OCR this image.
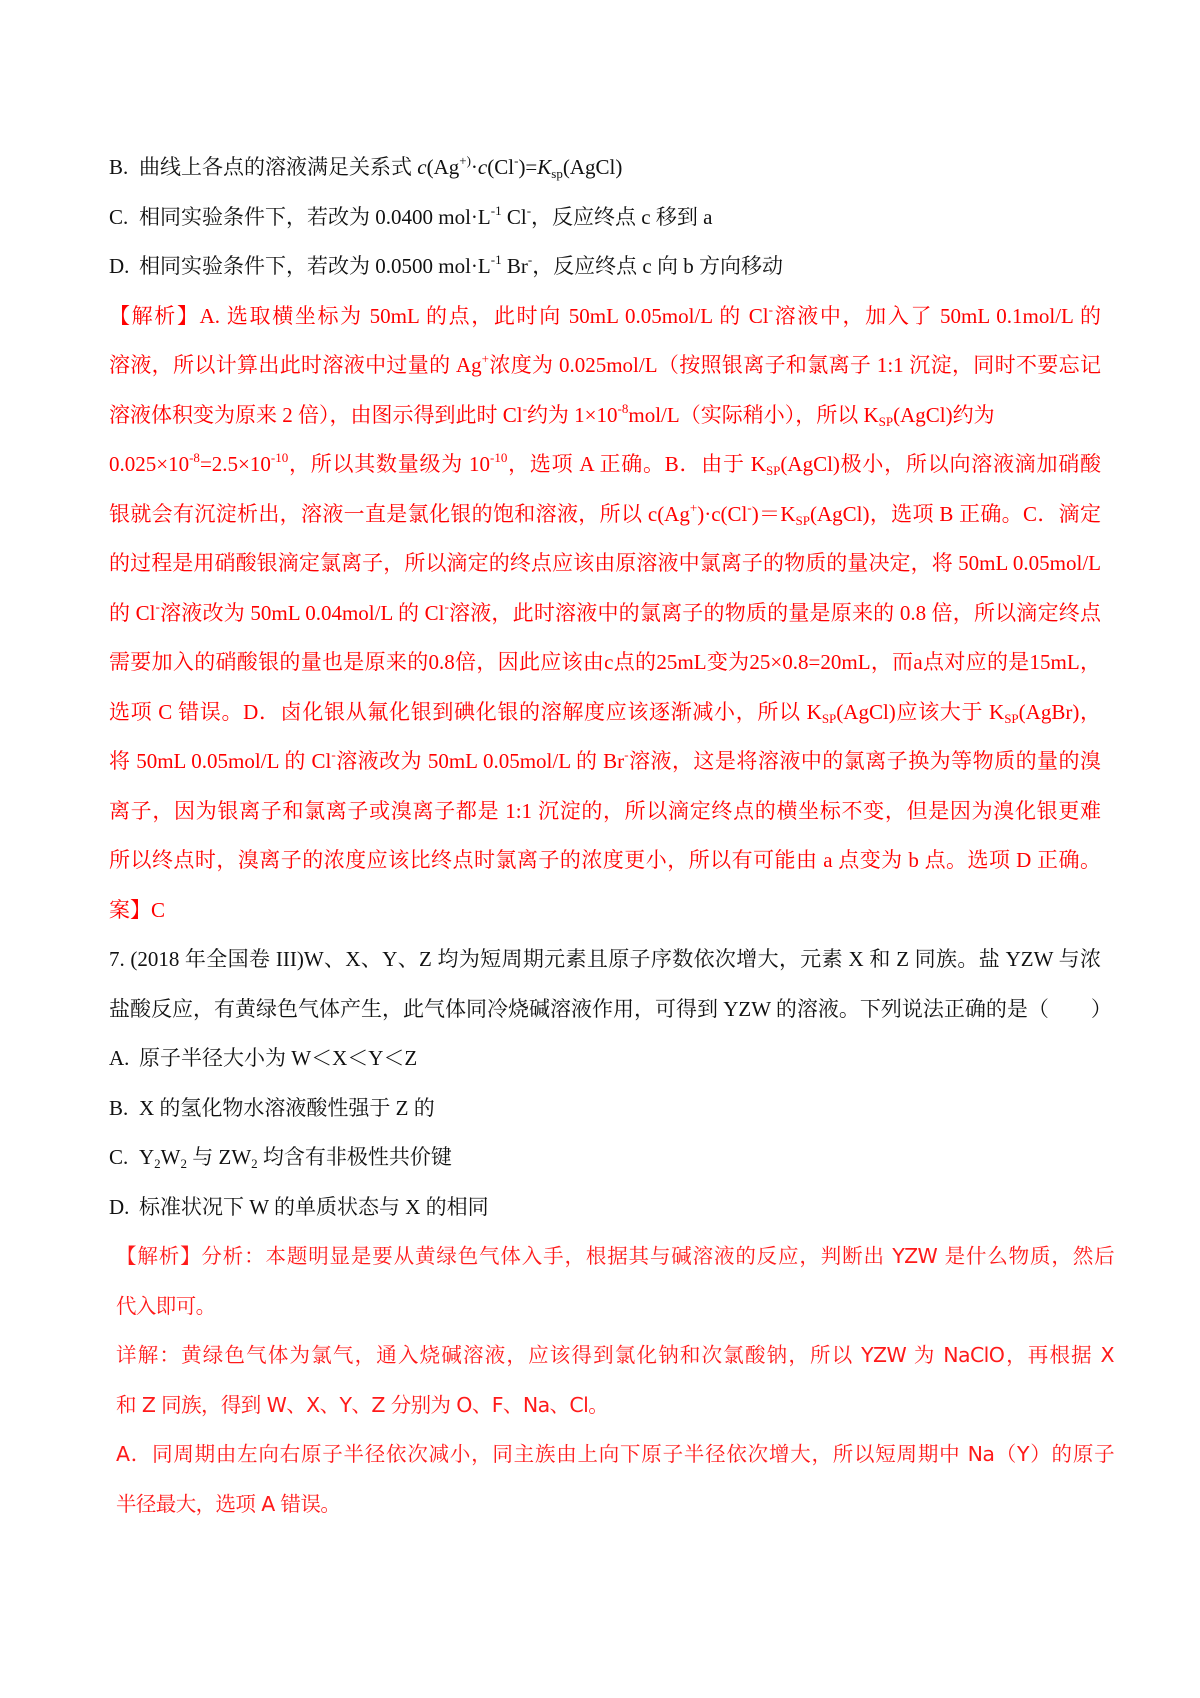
B. 曲线上各点的溶液满足关系式 $c(Ag^{+)}\cdot c(Cl^-)=K_{sp}(AgCl)$
C. 相同实验条件下，若改为 0.0400 $mol\cdot L^{-1}$ Cl-，反应终点 c 移到 a
D. 相同实验条件下，若改为 0.0500 $mol\cdot L^{-1}$ Br-，反应终点 c 向 b 方向移动
【解析】A. 选取横坐标为 50mL 的点，此时向 50mL 0.05mol/L 的 Cl-溶液中，加入了 50mL 0.1mol/L 的
溶液，所以计算出此时溶液中过量的 Ag+浓度为 0.025mol/L（按照银离子和氯离子 1:1 沉淀，同时不要忘记
溶液体积变为原来 2 倍），由图示得到此时 Cl-约为 $1\times 10^{-8}mol/L$（实际稍小），所以 $K_{SP}(AgCl)$约为
$0.025\times 10^{-8}=2.5\times 10^{-10}$，所以其数量级为 $10^{-10}$，选项 A 正确。B．由于 $K_{SP}(AgCl)$极小，所以向溶液滴加硝酸
银就会有沉淀析出，溶液一直是氯化银的饱和溶液，所以 $c(Ag^+)\cdot c(Cl^-)=K_{SP}(AgCl)$，选项 B 正确。C．滴定
的过程是用硝酸银滴定氯离子，所以滴定的终点应该由原溶液中氯离子的物质的量决定，将 50mL 0.05mol/L
的 Cl-溶液改为 50mL 0.04mol/L 的 Cl-溶液，此时溶液中的氯离子的物质的量是原来的 0.8 倍，所以滴定终点
需要加入的硝酸银的量也是原来的0.8倍，因此应该由c点的25mL变为25×0.8=20mL，而a点对应的是15mL，
选项 C 错误。D．卤化银从氟化银到碘化银的溶解度应该逐渐减小，所以 $K_{SP}(AgCl)$应该大于 $K_{SP}(AgBr)$，
将 50mL 0.05mol/L 的 Cl-溶液改为 50mL 0.05mol/L 的 Br-溶液，这是将溶液中的氯离子换为等物质的量的溴
离子，因为银离子和氯离子或溴离子都是 1:1 沉淀的，所以滴定终点的横坐标不变，但是因为溴化银更难
所以终点时，溴离子的浓度应该比终点时氯离子的浓度更小，所以有可能由 a 点变为 b 点。选项 D 正确。
案】C
7. (2018 年全国卷 III)W、X、Y、Z 均为短周期元素且原子序数依次增大，元素 X 和 Z 同族。盐 YZW 与浓
盐酸反应，有黄绿色气体产生，此气体同冷烧碱溶液作用，可得到 YZW 的溶液。下列说法正确的是（　　）
A. 原子半径大小为 W＜X＜Y＜Z
B. X 的氢化物水溶液酸性强于 Z 的
C. $Y_2W_2$ 与 $ZW_2$ 均含有非极性共价键
D. 标准状况下 W 的单质状态与 X 的相同
【解析】分析：本题明显是要从黄绿色气体入手，根据其与碱溶液的反应，判断出 YZW 是什么物质，然后
代入即可。
详解：黄绿色气体为氯气，通入烧碱溶液，应该得到氯化钠和次氯酸钠，所以 YZW 为 NaClO，再根据 X
和 Z 同族，得到 W、X、Y、Z 分别为 O、F、Na、Cl。
A．同周期由左向右原子半径依次减小，同主族由上向下原子半径依次增大，所以短周期中 Na（Y）的原子
半径最大，选项 A 错误。
